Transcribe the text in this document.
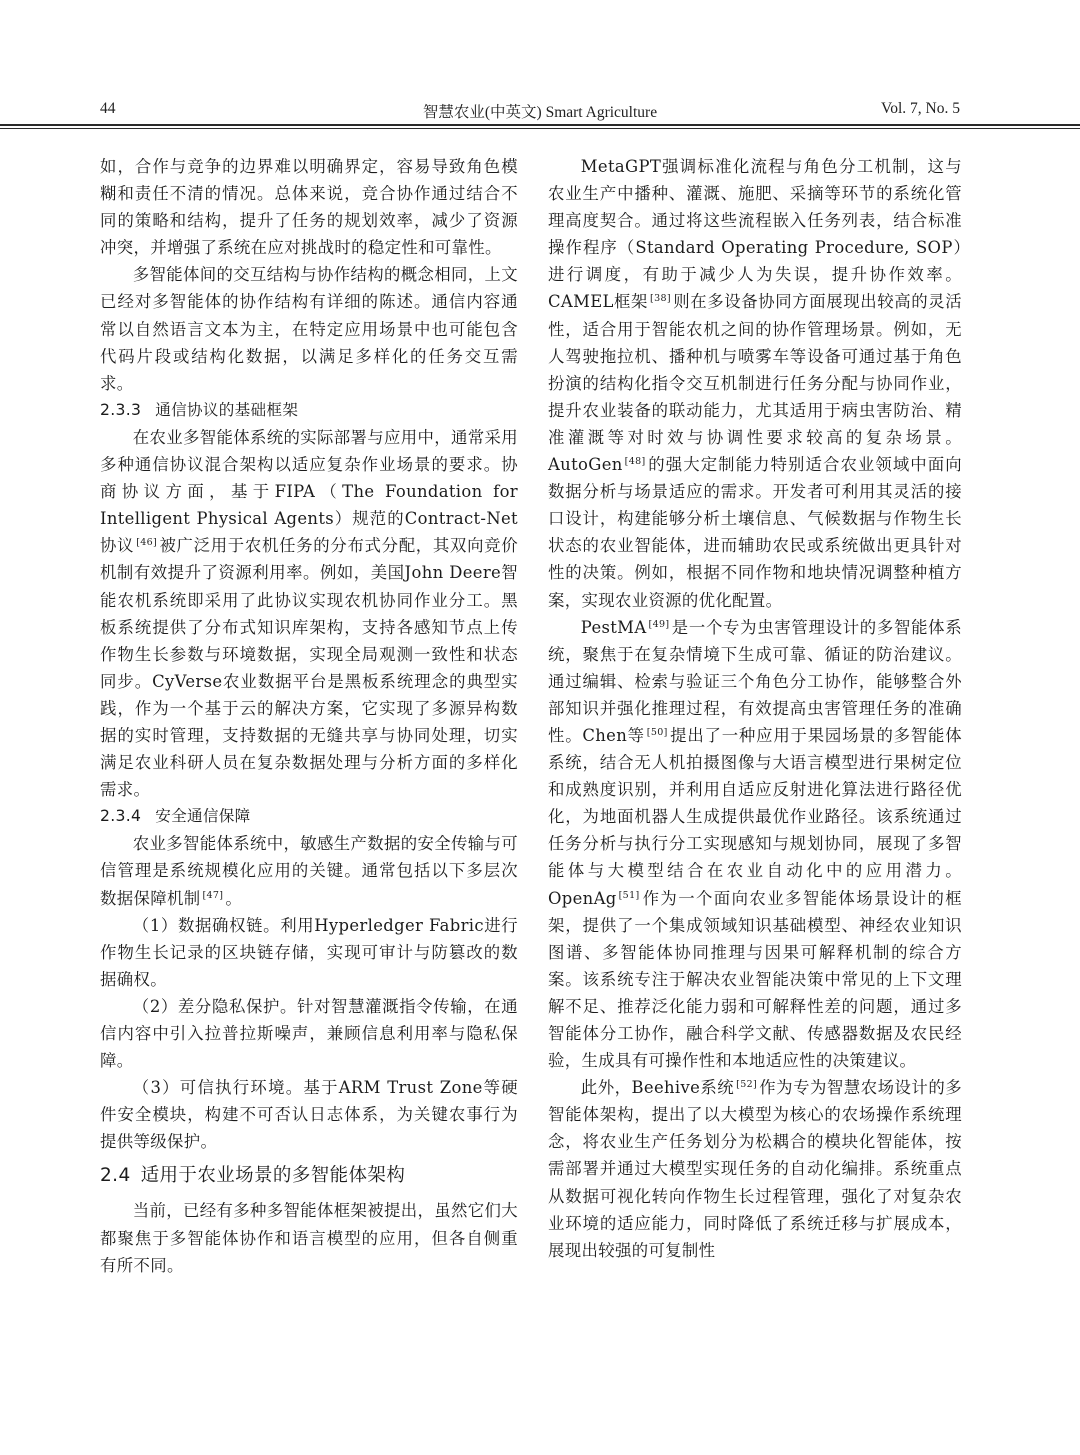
44	智慧农业(中英文) Smart Agriculture	Vol. 7, No. 5

如，合作与竞争的边界难以明确界定，容易导致角色模糊和责任不清的情况。总体来说，竞合协作通过结合不同的策略和结构，提升了任务的规划效率，减少了资源冲突，并增强了系统在应对挑战时的稳定性和可靠性。

多智能体间的交互结构与协作结构的概念相同，上文已经对多智能体的协作结构有详细的陈述。通信内容通常以自然语言文本为主，在特定应用场景中也可能包含代码片段或结构化数据，以满足多样化的任务交互需求。

2.3.3 通信协议的基础框架

在农业多智能体系统的实际部署与应用中，通常采用多种通信协议混合架构以适应复杂作业场景的要求。协商协议方面，基于FIPA（The Foundation for Intelligent Physical Agents）规范的Contract-Net协议 [46] 被广泛用于农机任务的分布式分配，其双向竞价机制有效提升了资源利用率。例如，美国John Deere智能农机系统即采用了此协议实现农机协同作业分工。黑板系统提供了分布式知识库架构，支持各感知节点上传作物生长参数与环境数据，实现全局观测一致性和状态同步。CyVerse农业数据平台是黑板系统理念的典型实践，作为一个基于云的解决方案，它实现了多源异构数据的实时管理，支持数据的无缝共享与协同处理，切实满足农业科研人员在复杂数据处理与分析方面的多样化需求。

2.3.4 安全通信保障

农业多智能体系统中，敏感生产数据的安全传输与可信管理是系统规模化应用的关键。通常包括以下多层次数据保障机制 [47] 。

（1）数据确权链。利用Hyperledger Fabric进行作物生长记录的区块链存储，实现可审计与防篡改的数据确权。

（2）差分隐私保护。针对智慧灌溉指令传输，在通信内容中引入拉普拉斯噪声，兼顾信息利用率与隐私保障。

（3）可信执行环境。基于ARM Trust Zone等硬件安全模块，构建不可否认日志体系，为关键农事行为提供等级保护。

2.4 适用于农业场景的多智能体架构

当前，已经有多种多智能体框架被提出，虽然它们大都聚焦于多智能体协作和语言模型的应用，但各自侧重有所不同。

MetaGPT强调标准化流程与角色分工机制，这与农业生产中播种、灌溉、施肥、采摘等环节的系统化管理高度契合。通过将这些流程嵌入任务列表，结合标准操作程序（Standard Operating Procedure, SOP）进行调度，有助于减少人为失误，提升协作效率。CAMEL框架 [38] 则在多设备协同方面展现出较高的灵活性，适合用于智能农机之间的协作管理场景。例如，无人驾驶拖拉机、播种机与喷雾车等设备可通过基于角色扮演的结构化指令交互机制进行任务分配与协同作业，提升农业装备的联动能力，尤其适用于病虫害防治、精准灌溉等对时效与协调性要求较高的复杂场景。AutoGen [48] 的强大定制能力特别适合农业领域中面向数据分析与场景适应的需求。开发者可利用其灵活的接口设计，构建能够分析土壤信息、气候数据与作物生长状态的农业智能体，进而辅助农民或系统做出更具针对性的决策。例如，根据不同作物和地块情况调整种植方案，实现农业资源的优化配置。

PestMA [49] 是一个专为虫害管理设计的多智能体系统，聚焦于在复杂情境下生成可靠、循证的防治建议。通过编辑、检索与验证三个角色分工协作，能够整合外部知识并强化推理过程，有效提高虫害管理任务的准确性。Chen等 [50] 提出了一种应用于果园场景的多智能体系统，结合无人机拍摄图像与大语言模型进行果树定位和成熟度识别，并利用自适应反射进化算法进行路径优化，为地面机器人生成提供最优作业路径。该系统通过任务分析与执行分工实现感知与规划协同，展现了多智能体与大模型结合在农业自动化中的应用潜力。OpenAg [51] 作为一个面向农业多智能体场景设计的框架，提供了一个集成领域知识基础模型、神经农业知识图谱、多智能体协同推理与因果可解释机制的综合方案。该系统专注于解决农业智能决策中常见的上下文理解不足、推荐泛化能力弱和可解释性差的问题，通过多智能体分工协作，融合科学文献、传感器数据及农民经验，生成具有可操作性和本地适应性的决策建议。

此外，Beehive系统 [52] 作为专为智慧农场设计的多智能体架构，提出了以大模型为核心的农场操作系统理念，将农业生产任务划分为松耦合的模块化智能体，按需部署并通过大模型实现任务的自动化编排。系统重点从数据可视化转向作物生长过程管理，强化了对复杂农业环境的适应能力，同时降低了系统迁移与扩展成本，展现出较强的可复制性
